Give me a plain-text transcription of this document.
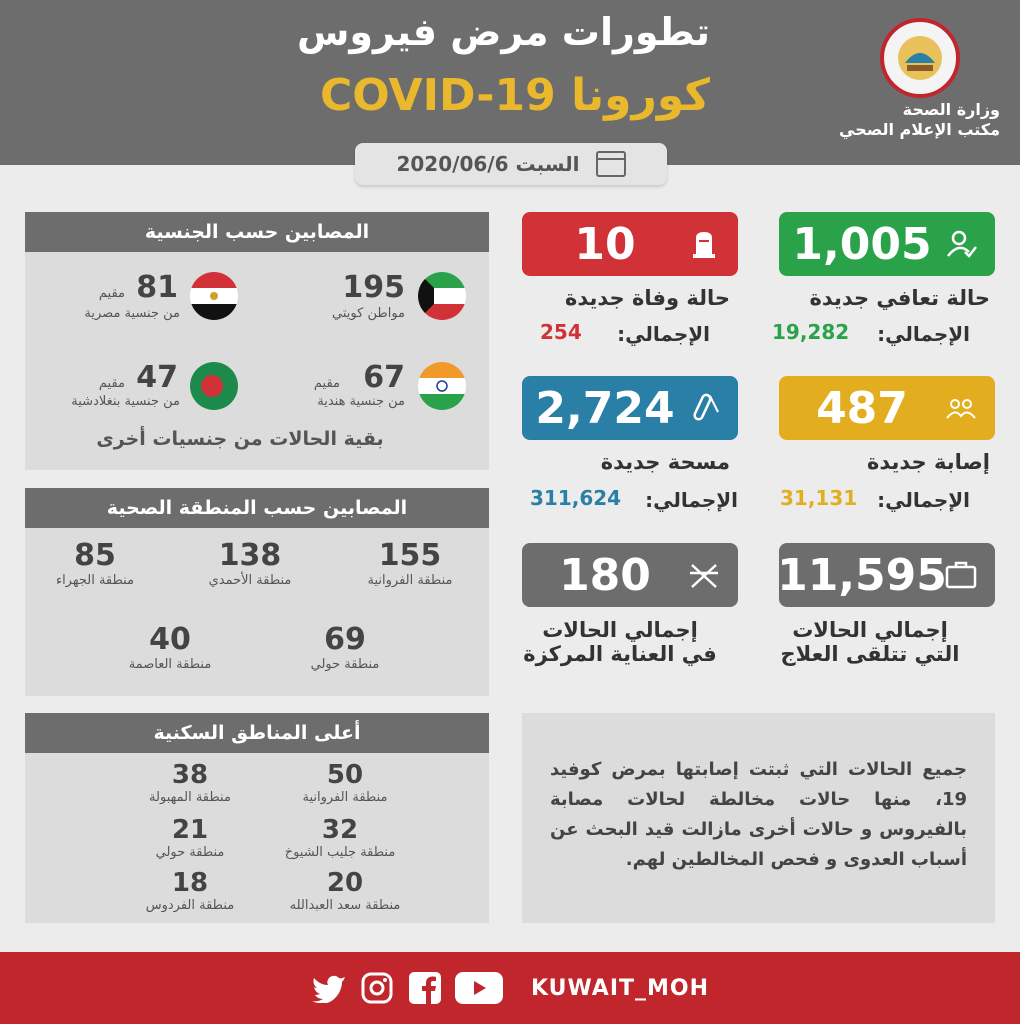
تطورات مرض فيروس
كورونا COVID-19	وزارة الصحة
مكتب الإعلام الصحي
السبت 2020/06/6
المصابين حسب الجنسية
195
مواطن كويتي
81
مقيم
من جنسية مصرية
67
مقيم
من جنسية هندية
47
مقيم
من جنسية بنغلادشية
بقية الحالات من جنسيات أخرى
المصابين حسب المنطقة الصحية
155
منطقة الفروانية
138
منطقة الأحمدي
85
منطقة الجهراء
69
منطقة حولي
40
منطقة العاصمة
أعلى المناطق السكنية
50
منطقة الفروانية
38
منطقة المهبولة
32
منطقة جليب الشيوخ
21
منطقة حولي
20
منطقة سعد العبدالله
18
منطقة الفردوس
1,005
حالة تعافي جديدة
الإجمالي:
19,282
10
حالة وفاة جديدة
الإجمالي:
254
487
إصابة جديدة
الإجمالي:
31,131
2,724
مسحة جديدة
الإجمالي:
311,624
11,595
إجمالي الحالات
التي تتلقى العلاج
180
إجمالي الحالات
في العناية المركزة
جميع الحالات التي ثبتت إصابتها بمرض كوفيد 19، منها حالات مخالطة لحالات مصابة بالفيروس و حالات أخرى مازالت قيد البحث عن أسباب العدوى و فحص المخالطين لهم.
KUWAIT_MOH
